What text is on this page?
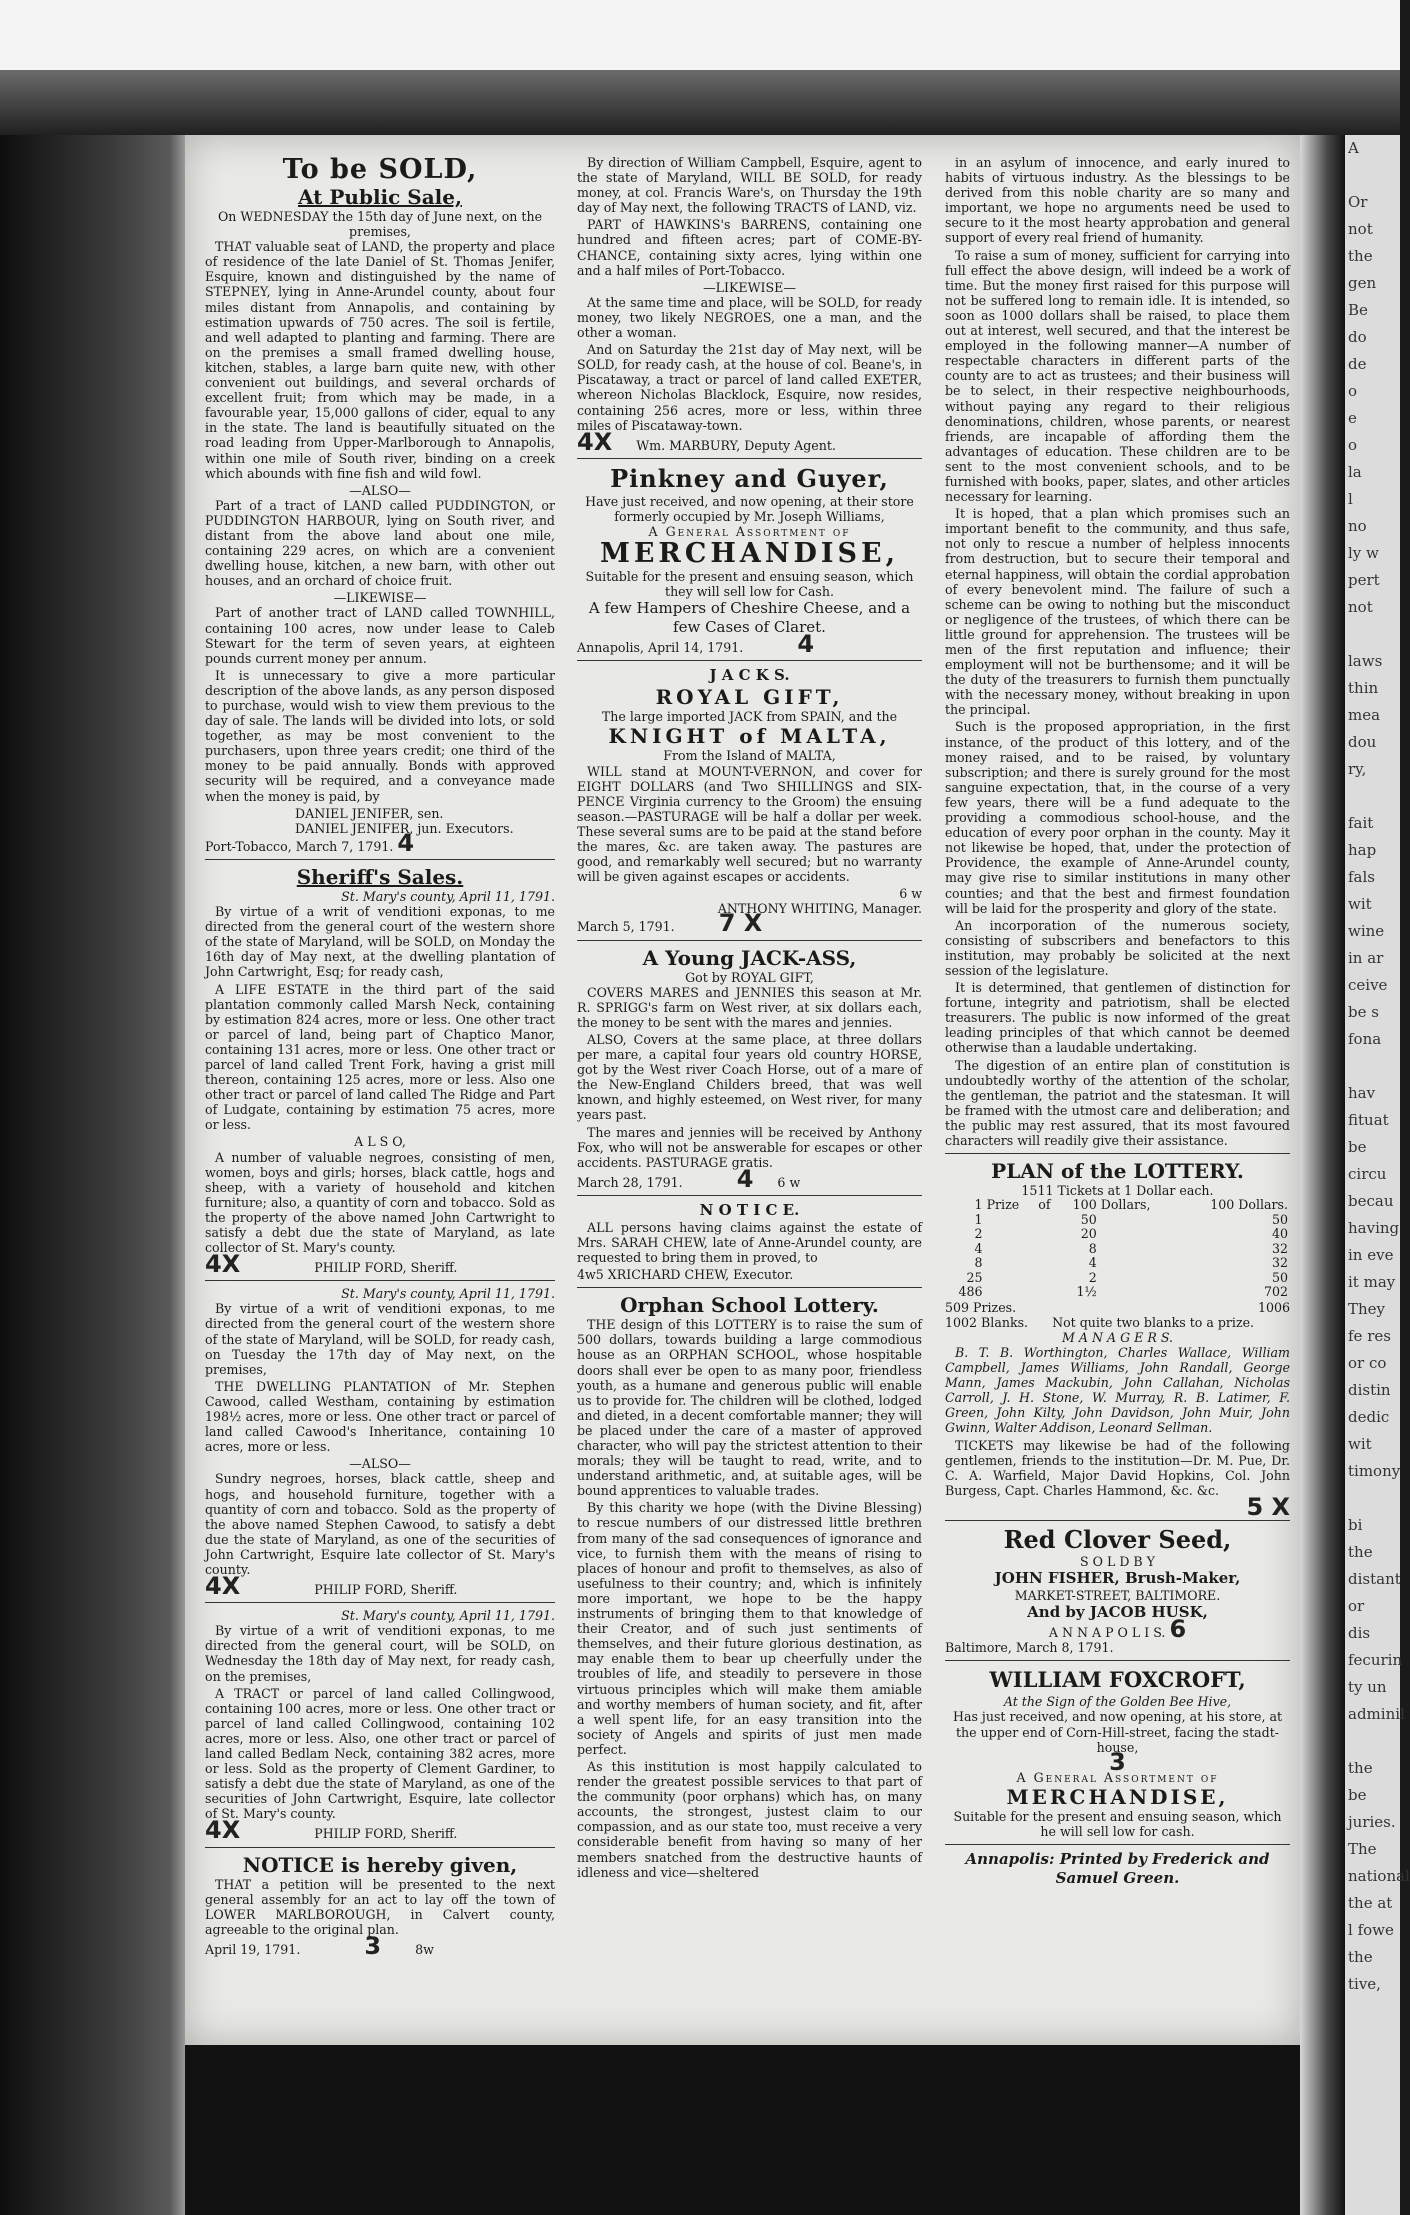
A

Or
not
the
gen
Be
do
de
o
e
o
la
l
no
ly w
pert
not

laws
thin
mea
dou
ry,

fait
hap
fals
wit
wine
in ar
ceive
be s
fona

hav
fituat
be
circu
becau
having
in eve
it may
They
fe res
or co
distin
dedic
wit
timony

bi
the
distant
or
dis
fecurin
ty un
adminil

the
be
juries.
The
national
the at
l fowe
the
tive,
To be SOLD,
At Public Sale,
On WEDNESDAY the 15th day of June next, on the premises,

THAT valuable seat of LAND, the property and place of residence of the late Daniel of St. Thomas Jenifer, Esquire, known and distinguished by the name of STEPNEY, lying in Anne-Arundel county, about four miles distant from Annapolis, and containing by estimation upwards of 750 acres. The soil is fertile, and well adapted to planting and farming. There are on the premises a small framed dwelling house, kitchen, stables, a large barn quite new, with other convenient out buildings, and several orchards of excellent fruit; from which may be made, in a favourable year, 15,000 gallons of cider, equal to any in the state. The land is beautifully situated on the road leading from Upper-Marlborough to Annapolis, within one mile of South river, binding on a creek which abounds with fine fish and wild fowl.

—ALSO—

Part of a tract of LAND called PUDDINGTON, or PUDDINGTON HARBOUR, lying on South river, and distant from the above land about one mile, containing 229 acres, on which are a convenient dwelling house, kitchen, a new barn, with other out houses, and an orchard of choice fruit.

—LIKEWISE—

Part of another tract of LAND called TOWNHILL, containing 100 acres, now under lease to Caleb Stewart for the term of seven years, at eighteen pounds current money per annum.

It is unnecessary to give a more particular description of the above lands, as any person disposed to purchase, would wish to view them previous to the day of sale. The lands will be divided into lots, or sold together, as may be most convenient to the purchasers, upon three years credit; one third of the money to be paid annually. Bonds with approved security will be required, and a conveyance made when the money is paid, by

DANIEL JENIFER, sen.
DANIEL JENIFER, jun. Executors.
Port-Tobacco, March 7, 1791. 4
Sheriff's Sales.
St. Mary's county, April 11, 1791.

By virtue of a writ of venditioni exponas, to me directed from the general court of the western shore of the state of Maryland, will be SOLD, on Monday the 16th day of May next, at the dwelling plantation of John Cartwright, Esq; for ready cash,

A LIFE ESTATE in the third part of the said plantation commonly called Marsh Neck, containing by estimation 824 acres, more or less. One other tract or parcel of land, being part of Chaptico Manor, containing 131 acres, more or less. One other tract or parcel of land called Trent Fork, having a grist mill thereon, containing 125 acres, more or less. Also one other tract or parcel of land called The Ridge and Part of Ludgate, containing by estimation 75 acres, more or less.

A L S O,

A number of valuable negroes, consisting of men, women, boys and girls; horses, black cattle, hogs and sheep, with a variety of household and kitchen furniture; also, a quantity of corn and tobacco. Sold as the property of the above named John Cartwright to satisfy a debt due the state of Maryland, as late collector of St. Mary's county.

4X	PHILIP FORD, Sheriff.
St. Mary's county, April 11, 1791.

By virtue of a writ of venditioni exponas, to me directed from the general court of the western shore of the state of Maryland, will be SOLD, for ready cash, on Tuesday the 17th day of May next, on the premises,

THE DWELLING PLANTATION of Mr. Stephen Cawood, called Westham, containing by estimation 198½ acres, more or less. One other tract or parcel of land called Cawood's Inheritance, containing 10 acres, more or less.

—ALSO—

Sundry negroes, horses, black cattle, sheep and hogs, and household furniture, together with a quantity of corn and tobacco. Sold as the property of the above named Stephen Cawood, to satisfy a debt due the state of Maryland, as one of the securities of John Cartwright, Esquire late collector of St. Mary's county.

4X	PHILIP FORD, Sheriff.
St. Mary's county, April 11, 1791.

By virtue of a writ of venditioni exponas, to me directed from the general court, will be SOLD, on Wednesday the 18th day of May next, for ready cash, on the premises,

A TRACT or parcel of land called Collingwood, containing 100 acres, more or less. One other tract or parcel of land called Collingwood, containing 102 acres, more or less. Also, one other tract or parcel of land called Bedlam Neck, containing 382 acres, more or less. Sold as the property of Clement Gardiner, to satisfy a debt due the state of Maryland, as one of the securities of John Cartwright, Esquire, late collector of St. Mary's county.

4X	PHILIP FORD, Sheriff.
NOTICE is hereby given,

THAT a petition will be presented to the next general assembly for an act to lay off the town of LOWER MARLBOROUGH, in Calvert county, agreeable to the original plan.

April 19, 1791.	3	8w

By direction of William Campbell, Esquire, agent to the state of Maryland, WILL BE SOLD, for ready money, at col. Francis Ware's, on Thursday the 19th day of May next, the following TRACTS of LAND, viz.

PART of HAWKINS's BARRENS, containing one hundred and fifteen acres; part of COME-BY-CHANCE, containing sixty acres, lying within one and a half miles of Port-Tobacco.

—LIKEWISE—

At the same time and place, will be SOLD, for ready money, two likely NEGROES, one a man, and the other a woman.

And on Saturday the 21st day of May next, will be SOLD, for ready cash, at the house of col. Beane's, in Piscataway, a tract or parcel of land called EXETER, whereon Nicholas Blacklock, Esquire, now resides, containing 256 acres, more or less, within three miles of Piscataway-town.

4X Wm. MARBURY, Deputy Agent.
Pinkney and Guyer,
Have just received, and now opening, at their store formerly occupied by Mr. Joseph Williams,
A General Assortment of
MERCHANDISE,
Suitable for the present and ensuing season, which they will sell low for Cash.
A few Hampers of Cheshire Cheese, and a few Cases of Claret.
Annapolis, April 14, 1791. 4
J A C K S.
ROYAL GIFT,
The large imported JACK from SPAIN, and the
KNIGHT of MALTA,
From the Island of MALTA,

WILL stand at MOUNT-VERNON, and cover for EIGHT DOLLARS (and Two SHILLINGS and SIX-PENCE Virginia currency to the Groom) the ensuing season.—PASTURAGE will be half a dollar per week. These several sums are to be paid at the stand before the mares, &c. are taken away. The pastures are good, and remarkably well secured; but no warranty will be given against escapes or accidents.

6 w
ANTHONY WHITING, Manager.
March 5, 1791. 7 X
A Young JACK-ASS,
Got by ROYAL GIFT,

COVERS MARES and JENNIES this season at Mr. R. SPRIGG's farm on West river, at six dollars each, the money to be sent with the mares and jennies.

ALSO, Covers at the same place, at three dollars per mare, a capital four years old country HORSE, got by the West river Coach Horse, out of a mare of the New-England Childers breed, that was well known, and highly esteemed, on West river, for many years past.

The mares and jennies will be received by Anthony Fox, who will not be answerable for escapes or other accidents. PASTURAGE gratis.

March 28, 1791. 4 6 w
N O T I C E.

ALL persons having claims against the estate of Mrs. SARAH CHEW, late of Anne-Arundel county, are requested to bring them in proved, to

4w5 XRICHARD CHEW, Executor.
Orphan School Lottery.

THE design of this LOTTERY is to raise the sum of 500 dollars, towards building a large commodious house as an ORPHAN SCHOOL, whose hospitable doors shall ever be open to as many poor, friendless youth, as a humane and generous public will enable us to provide for. The children will be clothed, lodged and dieted, in a decent comfortable manner; they will be placed under the care of a master of approved character, who will pay the strictest attention to their morals; they will be taught to read, write, and to understand arithmetic, and, at suitable ages, will be bound apprentices to valuable trades.

By this charity we hope (with the Divine Blessing) to rescue numbers of our distressed little brethren from many of the sad consequences of ignorance and vice, to furnish them with the means of rising to places of honour and profit to themselves, as also of usefulness to their country; and, which is infinitely more important, we hope to be the happy instruments of bringing them to that knowledge of their Creator, and of such just sentiments of themselves, and their future glorious destination, as may enable them to bear up cheerfully under the troubles of life, and steadily to persevere in those virtuous principles which will make them amiable and worthy members of human society, and fit, after a well spent life, for an easy transition into the society of Angels and spirits of just men made perfect.

As this institution is most happily calculated to render the greatest possible services to that part of the community (poor orphans) which has, on many accounts, the strongest, justest claim to our compassion, and as our state too, must receive a very considerable benefit from having so many of her members snatched from the destructive haunts of idleness and vice—sheltered

in an asylum of innocence, and early inured to habits of virtuous industry. As the blessings to be derived from this noble charity are so many and important, we hope no arguments need be used to secure to it the most hearty approbation and general support of every real friend of humanity.

To raise a sum of money, sufficient for carrying into full effect the above design, will indeed be a work of time. But the money first raised for this purpose will not be suffered long to remain idle. It is intended, so soon as 1000 dollars shall be raised, to place them out at interest, well secured, and that the interest be employed in the following manner—A number of respectable characters in different parts of the county are to act as trustees; and their business will be to select, in their respective neighbourhoods, without paying any regard to their religious denominations, children, whose parents, or nearest friends, are incapable of affording them the advantages of education. These children are to be sent to the most convenient schools, and to be furnished with books, paper, slates, and other articles necessary for learning.

It is hoped, that a plan which promises such an important benefit to the community, and thus safe, not only to rescue a number of helpless innocents from destruction, but to secure their temporal and eternal happiness, will obtain the cordial approbation of every benevolent mind. The failure of such a scheme can be owing to nothing but the misconduct or negligence of the trustees, of which there can be little ground for apprehension. The trustees will be men of the first reputation and influence; their employment will not be burthensome; and it will be the duty of the treasurers to furnish them punctually with the necessary money, without breaking in upon the principal.

Such is the proposed appropriation, in the first instance, of the product of this lottery, and of the money raised, and to be raised, by voluntary subscription; and there is surely ground for the most sanguine expectation, that, in the course of a very few years, there will be a fund adequate to the providing a commodious school-house, and the education of every poor orphan in the county. May it not likewise be hoped, that, under the protection of Providence, the example of Anne-Arundel county, may give rise to similar institutions in many other counties; and that the best and firmest foundation will be laid for the prosperity and glory of the state.

An incorporation of the numerous society, consisting of subscribers and benefactors to this institution, may probably be solicited at the next session of the legislature.

It is determined, that gentlemen of distinction for fortune, integrity and patriotism, shall be elected treasurers. The public is now informed of the great leading principles of that which cannot be deemed otherwise than a laudable undertaking.

The digestion of an entire plan of constitution is undoubtedly worthy of the attention of the scholar, the gentleman, the patriot and the statesman. It will be framed with the utmost care and deliberation; and the public may rest assured, that its most favoured characters will readily give their assistance.

PLAN of the LOTTERY.
1511 Tickets at 1 Dollar each.
1	Prize	of	100	Dollars,	100 Dollars.
1			50		50
2			20		40
4			8		32
8			4		32
25			2		50
486			1½		702
509 Prizes.	1006
1002 Blanks. Not quite two blanks to a prize.
M A N A G E R S.

B. T. B. Worthington, Charles Wallace, William Campbell, James Williams, John Randall, George Mann, James Mackubin, John Callahan, Nicholas Carroll, J. H. Stone, W. Murray, R. B. Latimer, F. Green, John Kilty, John Davidson, John Muir, John Gwinn, Walter Addison, Leonard Sellman.

TICKETS may likewise be had of the following gentlemen, friends to the institution—Dr. M. Pue, Dr. C. A. Warfield, Major David Hopkins, Col. John Burgess, Capt. Charles Hammond, &c. &c.

5 X
Red Clover Seed,
S O L D B Y
JOHN FISHER, Brush-Maker,
MARKET-STREET, BALTIMORE.
And by JACOB HUSK,
A N N A P O L I S. 6
Baltimore, March 8, 1791.
WILLIAM FOXCROFT,
At the Sign of the Golden Bee Hive,
Has just received, and now opening, at his store, at the upper end of Corn-Hill-street, facing the stadt-house,
3
A General Assortment of
MERCHANDISE,
Suitable for the present and ensuing season, which he will sell low for cash.
Annapolis: Printed by Frederick and Samuel Green.
